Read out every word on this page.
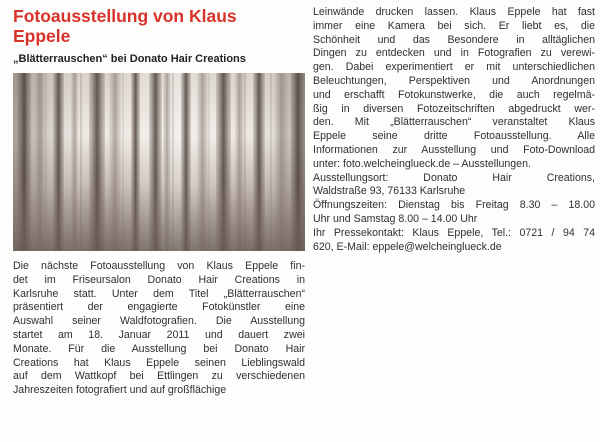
Fotoausstellung von Klaus
Eppele
„Blätterrauschen“ bei Donato Hair Creations

Die nächste Fotoausstellung von Klaus Eppele fin-

det im Friseursalon Donato Hair Creations in

Karlsruhe statt. Unter dem Titel „Blätterrauschen“

präsentiert der engagierte Fotokünstler eine

Auswahl seiner Waldfotografien. Die Ausstellung

startet am 18. Januar 2011 und dauert zwei

Monate. Für die Ausstellung bei Donato Hair

Creations hat Klaus Eppele seinen Lieblingswald

auf dem Wattkopf bei Ettlingen zu verschiedenen

Jahreszeiten fotografiert und auf großflächige

Leinwände drucken lassen. Klaus Eppele hat fast

immer eine Kamera bei sich. Er liebt es, die

Schönheit und das Besondere in alltäglichen

Dingen zu entdecken und in Fotografien zu verewi-

gen. Dabei experimentiert er mit unterschiedlichen

Beleuchtungen, Perspektiven und Anordnungen

und erschafft Fotokunstwerke, die auch regelmä-

ßig in diversen Fotozeitschriften abgedruckt wer-

den. Mit „Blätterrauschen“ veranstaltet Klaus

Eppele seine dritte Fotoausstellung. Alle

Informationen zur Ausstellung und Foto-Download

unter: foto.welcheinglueck.de – Ausstellungen.

Ausstellungsort: Donato Hair Creations,

Waldstraße 93, 76133 Karlsruhe

Öffnungszeiten: Dienstag bis Freitag 8.30 – 18.00

Uhr und Samstag 8.00 – 14.00 Uhr

Ihr Pressekontakt: Klaus Eppele, Tel.: 0721 / 94 74

620, E-Mail: eppele@welcheinglueck.de
